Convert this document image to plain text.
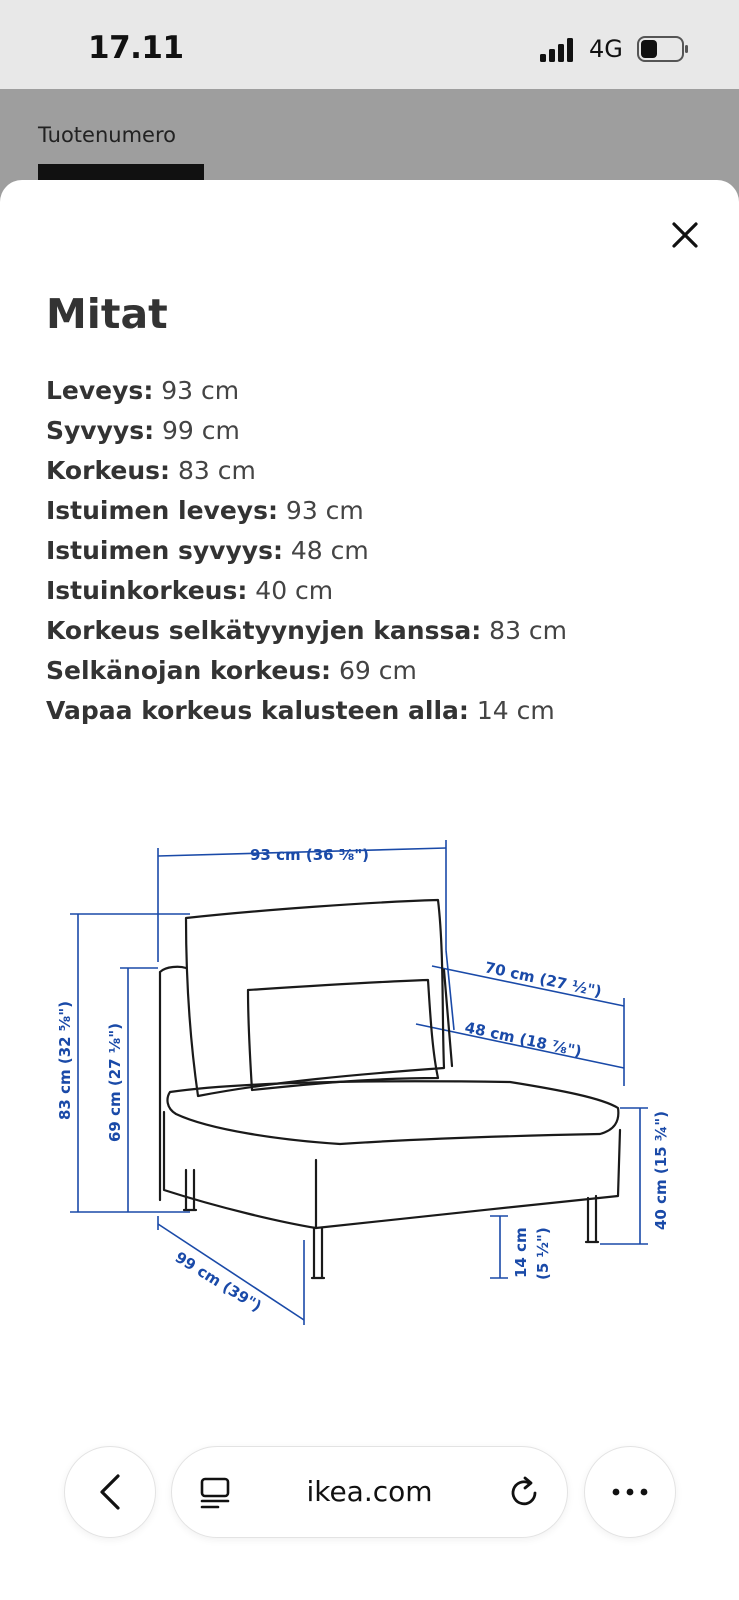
17.11	4G
Tuotenumero
Mitat
Leveys: 93 cm
Syvyys: 99 cm
Korkeus: 83 cm
Istuimen leveys: 93 cm
Istuimen syvyys: 48 cm
Istuinkorkeus: 40 cm
Korkeus selkätyynyjen kanssa: 83 cm
Selkänojan korkeus: 69 cm
Vapaa korkeus kalusteen alla: 14 cm
93 cm (36 ⅝")
83 cm (32 ⅝") 69 cm (27 ⅛")
99 cm (39")
70 cm (27 ½")
48 cm (18 ⅞")
40 cm (15 ¾")
14 cm (5 ½")
ikea.com
